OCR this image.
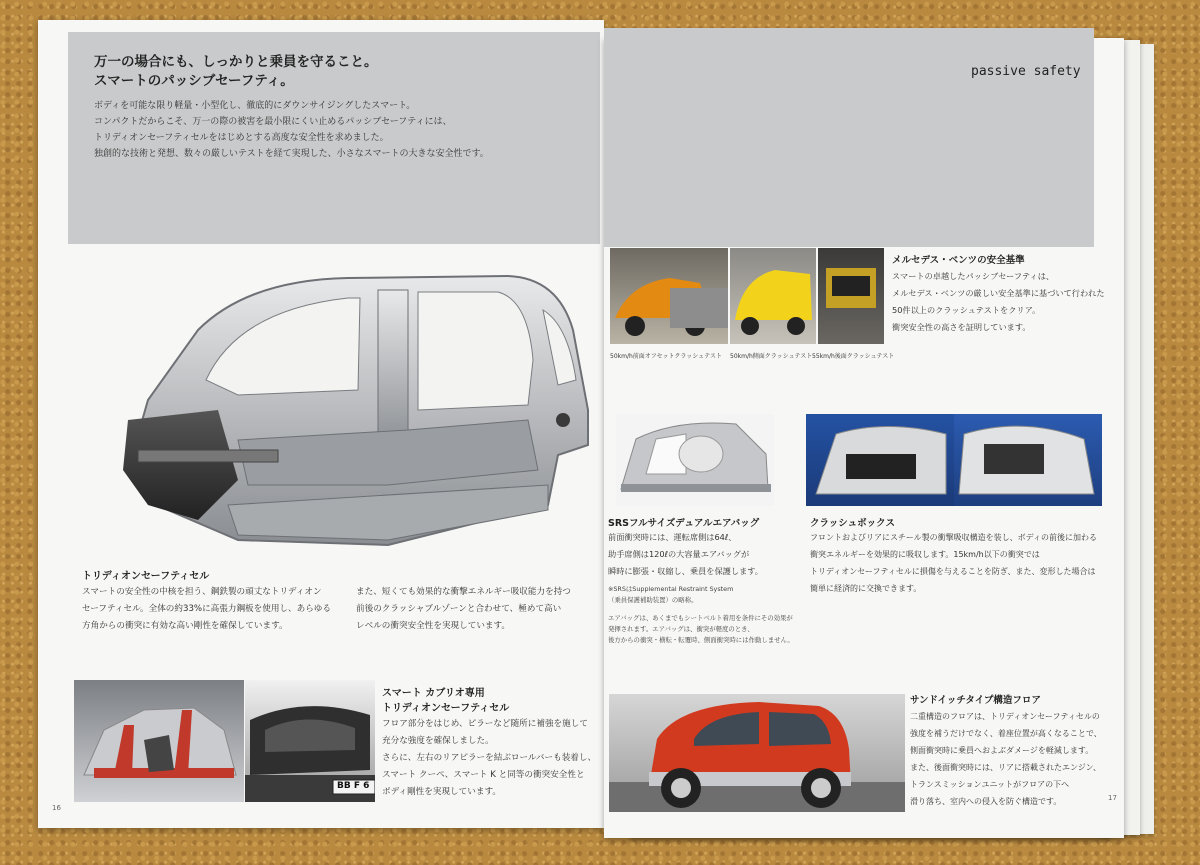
万一の場合にも、しっかりと乗員を守ること。

スマートのパッシブセーフティ。

ボディを可能な限り軽量・小型化し、徹底的にダウンサイジングしたスマート。

コンパクトだからこそ、万一の際の被害を最小限にくい止めるパッシブセーフティには、

トリディオンセーフティセルをはじめとする高度な安全性を求めました。

独創的な技術と発想、数々の厳しいテストを経て実現した、小さなスマートの大きな安全性です。

トリディオンセーフティセル

スマートの安全性の中核を担う、鋼鉄製の頑丈なトリディオン
セーフティセル。全体の約33%に高張力鋼板を使用し、あらゆる
方角からの衝突に有効な高い剛性を確保しています。

また、短くても効果的な衝撃エネルギー吸収能力を持つ
前後のクラッシャブルゾーンと合わせて、極めて高い
レベルの衝突安全性を実現しています。

BB F 6

スマート カブリオ専用

トリディオンセーフティセル

フロア部分をはじめ、ピラーなど随所に補強を施して
充分な強度を確保しました。
さらに、左右のリアピラーを結ぶロールバーも装着し、
スマート クーペ、スマート K と同等の衝突安全性と
ボディ剛性を実現しています。

16

passive safety

50km/h前面オフセットクラッシュテスト 50km/h側面クラッシュテスト 55km/h後面クラッシュテスト

メルセデス・ベンツの安全基準

スマートの卓越したパッシブセーフティは、
メルセデス・ベンツの厳しい安全基準に基づいて行われた
50件以上のクラッシュテストをクリア。
衝突安全性の高さを証明しています。

SRSフルサイズデュアルエアバッグ

前面衝突時には、運転席側は64ℓ、
助手席側は120ℓの大容量エアバッグが
瞬時に膨張・収縮し、乗員を保護します。

※SRSはSupplemental Restraint System
（乗員保護補助装置）の略称。

エアバッグは、あくまでもシートベルト着用を条件にその効果が
発揮されます。エアバッグは、衝突が軽度のとき、
後方からの衝突・横転・転覆時、側面衝突時には作動しません。

クラッシュボックス

フロントおよびリアにスチール製の衝撃吸収構造を装し、ボディの前後に加わる
衝突エネルギーを効果的に吸収します。15km/h以下の衝突では
トリディオンセーフティセルに損傷を与えることを防ぎ、また、変形した場合は
簡単に経済的に交換できます。

サンドイッチタイプ構造フロア

二重構造のフロアは、トリディオンセーフティセルの
強度を補うだけでなく、着座位置が高くなることで、
側面衝突時に乗員へおよぶダメージを軽減します。
また、後面衝突時には、リアに搭載されたエンジン、
トランスミッションユニットがフロアの下へ
滑り落ち、室内への侵入を防ぐ構造です。	17
